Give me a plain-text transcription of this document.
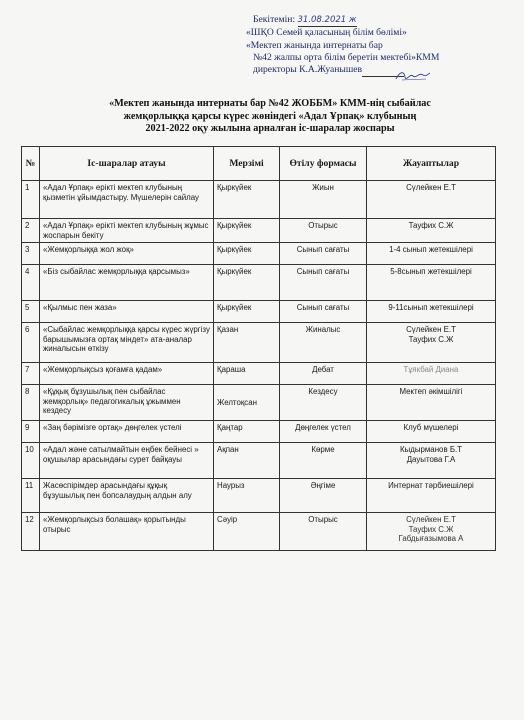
Бекітемін: 31.08.2021 ж
«ШҚО Семей қаласының білім бөлімі»
«Мектеп жанында интернаты бар
№42 жалпы орта білім беретін мектебі»КММ
директоры К.А.Жуанышев
«Мектеп жанында интернаты бар №42 ЖОББМ» КММ-нің сыбайлас
жемқорлыққа қарсы күрес жөніндегі «Адал Ұрпақ» клубының
2021-2022 оқу жылына арналған іс-шаралар жоспары
№	Іс-шаралар атауы	Мерзімі	Өтілу формасы	Жауаптылар
1	«Адал Ұрпақ» ерікті мектеп клубының қызметін ұйымдастыру. Мүшелерін сайлау	Қыркүйек	Жиын	Сүлейкен Е.Т
2	«Адал Ұрпақ» ерікті мектеп клубының жұмыс жоспарын бекіту	Қыркүйек	Отырыс	Тауфих С.Ж
3	«Жемқорлыққа жол жоқ»	Қыркүйек	Сынып сағаты	1-4 сынып жетекшілері
4	«Біз сыбайлас жемқорлыққа қарсымыз»	Қыркүйек	Сынып сағаты	5-8сынып жетекшілері
5	«Қылмыс пен жаза»	Қыркүйек	Сынып сағаты	9-11сынып жетекшілері
6	«Сыбайлас жемқорлыққа қарсы күрес жүргізу барышымызға ортақ міндет» ата-аналар жиналысын өткізу	Қазан	Жиналыс	Сүлейкен Е.Т
Тауфих С.Ж
7	«Жемқорлықсыз қоғамға қадам»	Қараша	Дебат	Тұякбай Диана
8	«Құқық бұзушылық пен сыбайлас жемқорлық» педагогикалық ұжыммен кездесу	Желтоқсан	Кездесу	Мектеп әкімшілігі
9	«Заң бәрімізге ортақ» дөңгелек үстелі	Қаңтар	Дөңгелек үстел	Клуб мүшелері
10	«Адал және сатылмайтын еңбек бейнесі » оқушылар арасындағы сурет байқауы	Ақпан	Көрме	Кыдырманов Б.Т
Дауытова Г.А
11	Жасөспірімдер арасындағы құқық бұзушылық пен бопсалаудың алдын алу	Наурыз	Әңгіме	Интернат тәрбиешілері
12	«Жемқорлықсыз болашақ» қорытынды отырыс	Сәуір	Отырыс	Сүлейкен Е.Т
Тауфих С.Ж
Габдығазымова А
